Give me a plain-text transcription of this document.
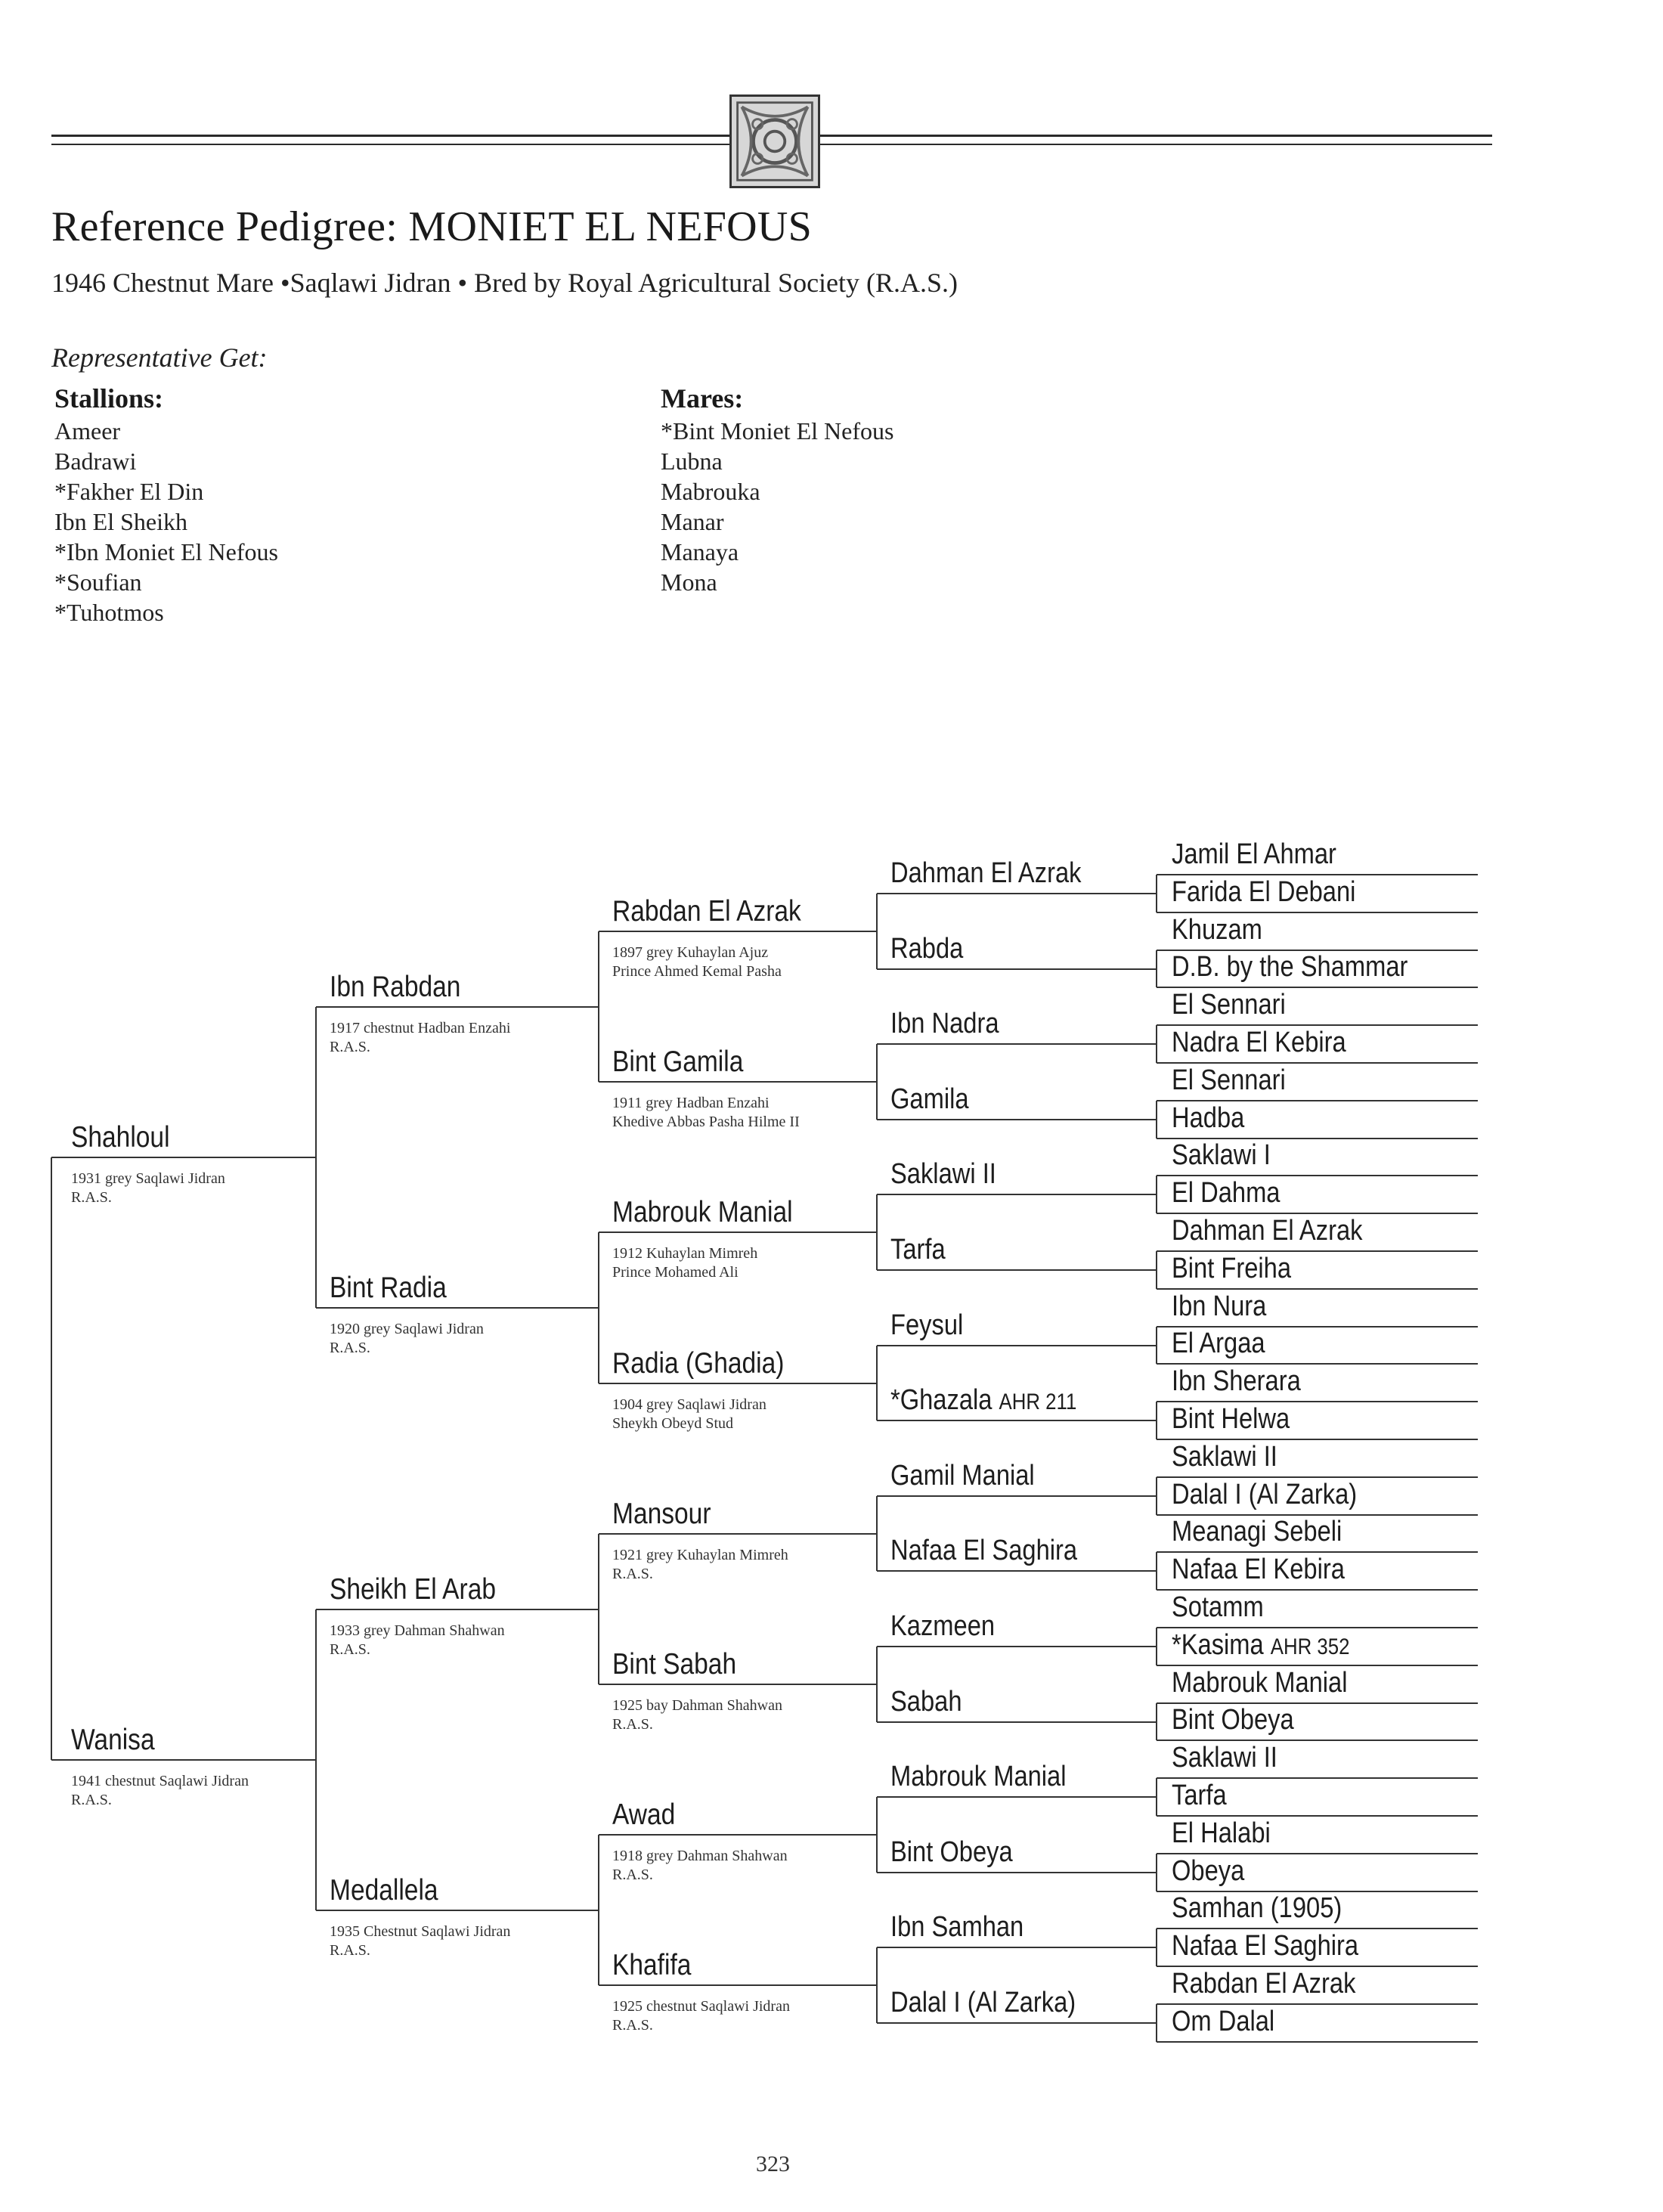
Reference Pedigree: MONIET EL NEFOUS
1946 Chestnut Mare •Saqlawi Jidran • Bred by Royal Agricultural Society (R.A.S.)
Representative Get:
Stallions:
Ameer
Badrawi
*Fakher El Din
Ibn El Sheikh
*Ibn Moniet El Nefous
*Soufian
*Tuhotmos
Mares:
*Bint Moniet El Nefous
Lubna
Mabrouka
Manar
Manaya
Mona
Shahloul
1931 grey Saqlawi Jidran
R.A.S.
Wanisa
1941 chestnut Saqlawi Jidran
R.A.S.
Ibn Rabdan
1917 chestnut Hadban Enzahi
R.A.S.
Bint Radia
1920 grey Saqlawi Jidran
R.A.S.
Sheikh El Arab
1933 grey Dahman Shahwan
R.A.S.
Medallela
1935 Chestnut Saqlawi Jidran
R.A.S.
Rabdan El Azrak
1897 grey Kuhaylan Ajuz
Prince Ahmed Kemal Pasha
Bint Gamila
1911 grey Hadban Enzahi
Khedive Abbas Pasha Hilme II
Mabrouk Manial
1912 Kuhaylan Mimreh
Prince Mohamed Ali
Radia (Ghadia)
1904 grey Saqlawi Jidran
Sheykh Obeyd Stud
Mansour
1921 grey Kuhaylan Mimreh
R.A.S.
Bint Sabah
1925 bay Dahman Shahwan
R.A.S.
Awad
1918 grey Dahman Shahwan
R.A.S.
Khafifa
1925 chestnut Saqlawi Jidran
R.A.S.
Dahman El Azrak
Rabda
Ibn Nadra
Gamila
Saklawi II
Tarfa
Feysul
*Ghazala AHR 211
Gamil Manial
Nafaa El Saghira
Kazmeen
Sabah
Mabrouk Manial
Bint Obeya
Ibn Samhan
Dalal I (Al Zarka)
Jamil El Ahmar
Farida El Debani
Khuzam
D.B. by the Shammar
El Sennari
Nadra El Kebira
El Sennari
Hadba
Saklawi I
El Dahma
Dahman El Azrak
Bint Freiha
Ibn Nura
El Argaa
Ibn Sherara
Bint Helwa
Saklawi II
Dalal I (Al Zarka)
Meanagi Sebeli
Nafaa El Kebira
Sotamm
*Kasima AHR 352
Mabrouk Manial
Bint Obeya
Saklawi II
Tarfa
El Halabi
Obeya
Samhan (1905)
Nafaa El Saghira
Rabdan El Azrak
Om Dalal
323
